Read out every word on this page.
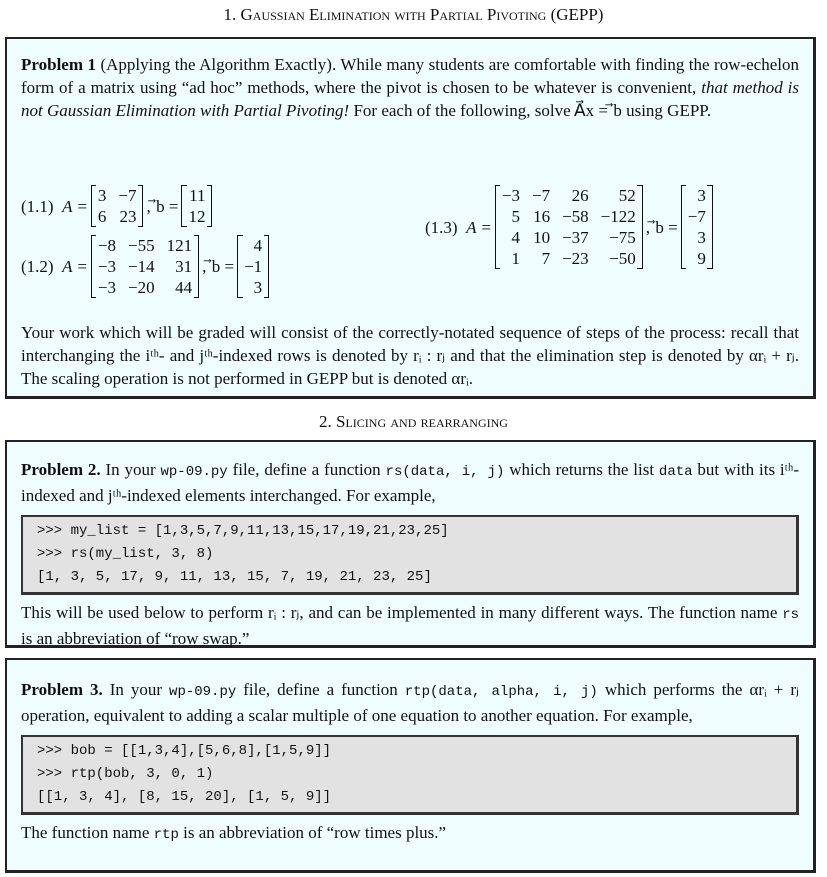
1. Gaussian Elimination with Partial Pivoting (GEPP)

Problem 1 (Applying the Algorithm Exactly). While many students are comfortable with finding the row-echelon form of a matrix using “ad hoc” methods, where the pivot is chosen to be whatever is convenient, that method is not Gaussian Elimination with Partial Pivoting! For each of the following, solve A⃗x = ⃗b using GEPP.

(1.1) A =
3	−7
6	23

, ⃗b =
11
12

(1.2) A =
−8	−55	121
−3	−14	31
−3	−20	44

, ⃗b =
4
−1
3

(1.3) A =
−3	−7	26	52
5	16	−58	−122
4	10	−37	−75
1	7	−23	−50

, ⃗b =
3
−7
3
9

Your work which will be graded will consist of the correctly-notated sequence of steps of the process: recall that interchanging the iᵗʰ- and jᵗʰ-indexed rows is denoted by rᵢ : rⱼ and that the elimination step is denoted by αrᵢ + rⱼ. The scaling operation is not performed in GEPP but is denoted αrᵢ.

2. Slicing and rearranging

Problem 2. In your wp-09.py file, define a function rs(data, i, j) which returns the list data but with its iᵗʰ-indexed and jᵗʰ-indexed elements interchanged. For example,

>>> my_list = [1,3,5,7,9,11,13,15,17,19,21,23,25]
>>> rs(my_list, 3, 8)
[1, 3, 5, 17, 9, 11, 13, 15, 7, 19, 21, 23, 25]

This will be used below to perform rᵢ : rⱼ, and can be implemented in many different ways. The function name rs is an abbreviation of “row swap.”

Problem 3. In your wp-09.py file, define a function rtp(data, alpha, i, j) which performs the αrᵢ + rⱼ operation, equivalent to adding a scalar multiple of one equation to another equation. For example,

>>> bob = [[1,3,4],[5,6,8],[1,5,9]]
>>> rtp(bob, 3, 0, 1)
[[1, 3, 4], [8, 15, 20], [1, 5, 9]]

The function name rtp is an abbreviation of “row times plus.”
